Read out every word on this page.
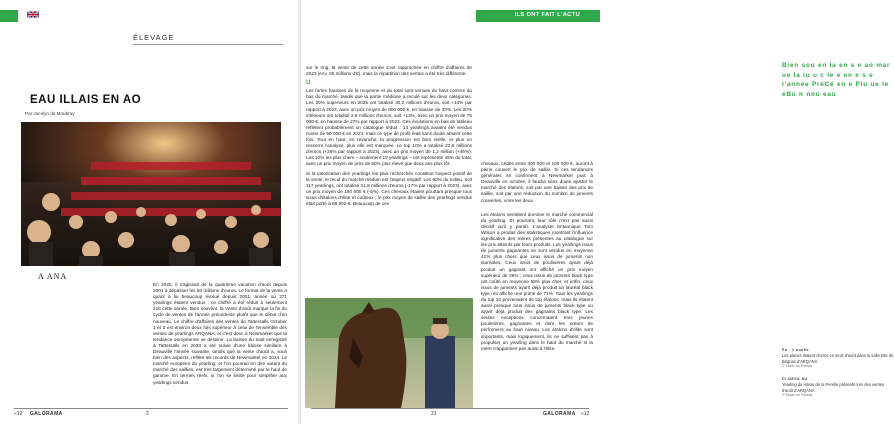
ÉLEVAGE
EAU ILLAIS EN AO
Par Jocelyn de Moubray
A ANA

En 2025, il s'agissait de la quatrième vacation d'août depuis 2001 à dépasser les 50 millions d'euros. Le format de la vente a quant à lui beaucoup évolué depuis 2001, année où 371 yearlings étaient vendus ; ce chiffre a été réduit à seulement 216 cette année. Bien souvent, la Vente d'août marque la fin du cycle de ventes de l'année précédente plutôt que le début d'un nouveau. Le chiffre d'affaires des ventes de Tattersalls October 1 et 2 est environ deux fois supérieur à celui de l'ensemble des ventes de yearlings ARQANA, et c'est donc à Newmarket que la tendance européenne se dessine. La baisse du total enregistré à Tattersalls en 2023 a été suivie d'une baisse similaire à Deauville l'année suivante, tandis que la vente d'août a, sous bien des aspects, reflété les records de Newmarket en 2024. Le marché européen du yearling, et l'on pourrait en dire autant du marché des saillies, est très largement déterminé par le haut de gamme. En termes réels, si l'on se limite pour simplifier aux yearlings vendus

«12 GALORAMA	2
ILS ONT FAIT L'ACTU

sur le ring, la vente de cette année s'est rapprochée en chiffre d'affaires de 2023 (env. 55 millions d'€), mais la répartition des ventes a été très différente.

U

Les fortes hausses de la moyenne et du total sont venues du haut comme du bas du marché, tandis que la partie médiane a reculé sur les deux catégories. Les 20% supérieurs en 2025 ont totalisé 30,2 millions d'euros, soit +14% par rapport à 2023, avec un prix moyen de 800 000 €, en hausse de 33%. Les 20% inférieurs ont totalisé 2,9 millions d'euros, soit +13%, avec un prix moyen de 75 000 €, en hausse de 27% par rapport à 2023. Ces évolutions en bas de tableau reflètent probablement un catalogue réduit : 13 yearlings avaient été vendus moins de 50 000 € en 2023, mais ce type de profil était sans doute absent cette fois. Tout en haut, en revanche, la progression est bien réelle, et plus on resserre l'analyse, plus elle est marquée. Le top 10% a totalisé 22,6 millions d'euros (+26% par rapport à 2023), avec un prix moyen de 1,2 million (+46%). Les 10% les plus chers – seulement 19 yearlings – ont représenté 45% du total, avec un prix moyen de près de 50% plus élevé que deux ans plus tôt.

Si la valorisation des yearlings les plus recherchés constitue l'aspect positif de la vente, le recul du marché médian est l'aspect négatif. Les 60% du milieu, soit 117 yearlings, ont totalisé 21,8 millions d'euros (-17% par rapport à 2023), avec un prix moyen de 190 000 € (-5%). Ces chevaux étaient pourtant presque tous issus d'étalons d'élite et coûteux ; le prix moyen de saillie des yearlings vendus était porté à 86 000 €. Beaucoup de ces

chevaux, cédés entre 300 000 et 100 000 €, auront à peine couvert le prix de saillie. Si ces tendances générales se confirment à Newmarket puis à Deauville en octobre, il faudra sans doute ajuster le marché des étalons, soit par une baisse des prix de saillie, soit par une réduction du nombre de juments couvertes, voire les deux.

Les étalons semblent dominer le marché commercial du yearling. Et pourtant, leur rôle n'est pas aussi décisif qu'il y paraît. L'analyste britannique Tom Wilson a produit des statistiques montrant l'influence significative des mères présentes au catalogue sur les prix atteints par leurs produits. Les yearlings issus de juments gagnantes se sont vendus en moyenne 41% plus chers que ceux issus de juments non lauréates. Ceux issus de poulinières ayant déjà produit un gagnant ont affiché un prix moyen supérieur de 39% ; ceux issus de juments black type ont coûté en moyenne 58% plus cher, et enfin, ceux issus de juments ayant déjà produit un lauréat black type ont affiché une prime de 71%. Tous les yearlings du top 10 provenaient de top étalons, mais ils étaient aussi presque tous issus de juments black type ou ayant déjà produit des gagnants black type. Les seules exceptions concernaient trois jeunes poulinières, gagnantes et dont les sœurs de performers au haut niveau. Les étalons d'élite sont importants, mais logiquement, ils ne suffisent pas à propulser un yearling dans le haut du marché si la mère n'appartient pas aussi à l'élite.

Bien sou en la en s e ao mar ue la iu u c le e en e s e l'année PréCé en e Plu ue le éBu n nou eau
Pa . 1 ouche
Les places étaient chères ce mois d'août dans la salle Elie de Brignac d'ARQANA.
© Studio du Paradis
Ci-DESS SU
Yearling du Haras de la Perelle présenté lors des ventes d'août d'ARQANA.
© Studio du Paradis
21	GALORAMA «12
